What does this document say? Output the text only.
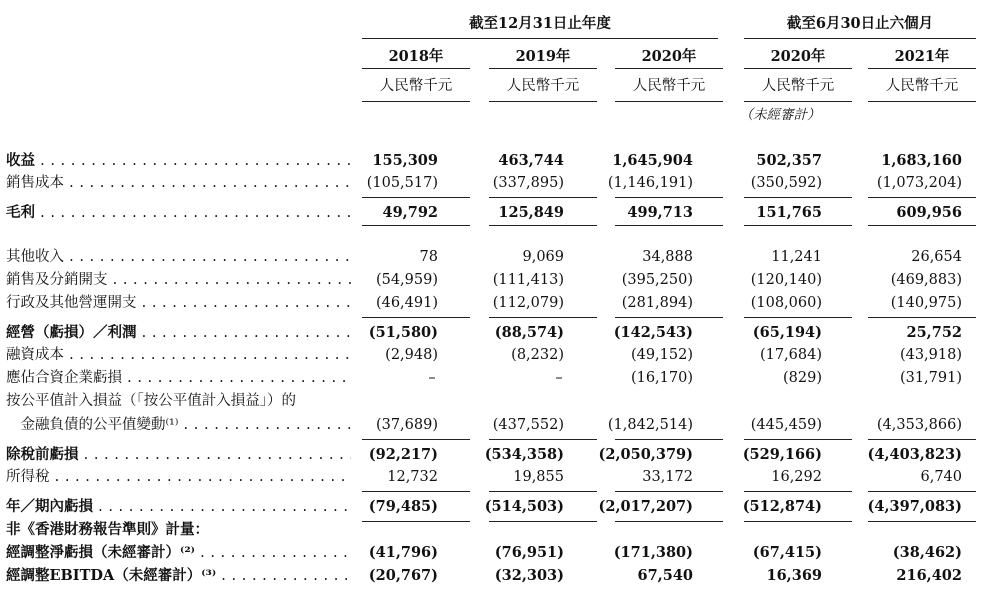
截至12月31日止年度	截至6月30日止六個月
2018年	2019年	2020年	2020年	2021年
人民幣千元	人民幣千元	人民幣千元	人民幣千元	人民幣千元
（未經審計）
收益 . . .	155,309	463,744	1,645,904	502,357	1,683,160
銷售成本 . . .	(105,517)	(337,895)	(1,146,191)	(350,592)	(1,073,204)
毛利 . . .	49,792	125,849	499,713	151,765	609,956
其他收入 . . .	78	9,069	34,888	11,241	26,654
銷售及分銷開支 . . .	(54,959)	(111,413)	(395,250)	(120,140)	(469,883)
行政及其他營運開支 . . .	(46,491)	(112,079)	(281,894)	(108,060)	(140,975)
經營（虧損）／利潤 . . .	(51,580)	(88,574)	(142,543)	(65,194)	25,752
融資成本 . . .	(2,948)	(8,232)	(49,152)	(17,684)	(43,918)
應佔合資企業虧損 . . .	–	–	(16,170)	(829)	(31,791)
按公平值計入損益（「按公平值計入損益」）的
　金融負債的公平值變動⁽¹⁾ . . .	(37,689)	(437,552)	(1,842,514)	(445,459)	(4,353,866)
除稅前虧損 . . .	(92,217)	(534,358)	(2,050,379)	(529,166)	(4,403,823)
所得稅 . . .	12,732	19,855	33,172	16,292	6,740
年／期內虧損 . . .	(79,485)	(514,503)	(2,017,207)	(512,874)	(4,397,083)
非《香港財務報告準則》計量：
經調整淨虧損（未經審計）⁽²⁾ . . .	(41,796)	(76,951)	(171,380)	(67,415)	(38,462)
經調整EBITDA（未經審計）⁽³⁾ . . .	(20,767)	(32,303)	67,540	16,369	216,402
